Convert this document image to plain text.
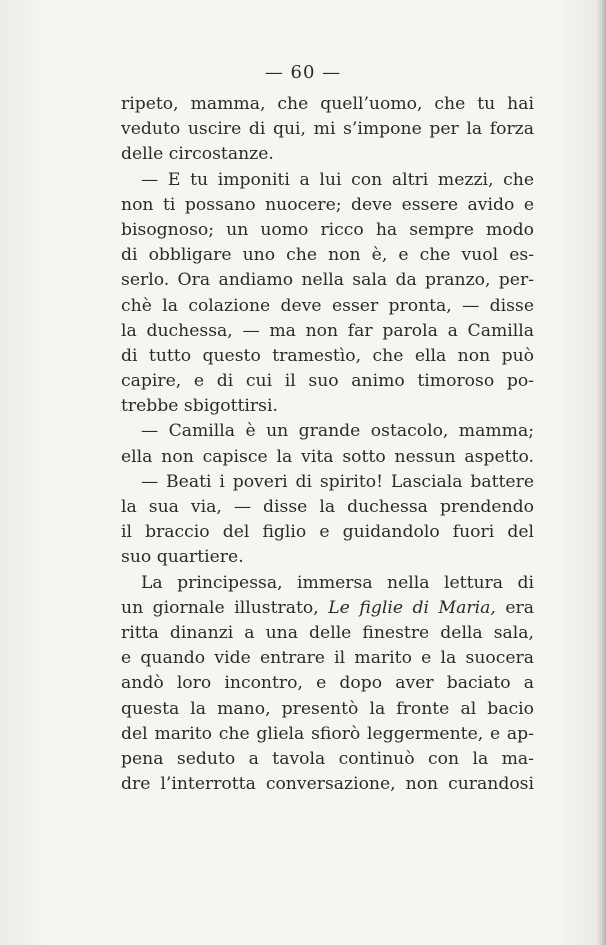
— 60 —
ripeto, mamma, che quell’uomo, che tu hai
veduto uscire di qui, mi s’impone per la forza
delle circostanze.
— E tu imponiti a lui con altri mezzi, che
non ti possano nuocere; deve essere avido e
bisognoso; un uomo ricco ha sempre modo
di obbligare uno che non è, e che vuol es-
serlo. Ora andiamo nella sala da pranzo, per-
chè la colazione deve esser pronta, — disse
la duchessa, — ma non far parola a Camilla
di tutto questo tramestìo, che ella non può
capire, e di cui il suo animo timoroso po-
trebbe sbigottirsi.
— Camilla è un grande ostacolo, mamma;
ella non capisce la vita sotto nessun aspetto.
— Beati i poveri di spirito! Lasciala battere
la sua via, — disse la duchessa prendendo
il braccio del figlio e guidandolo fuori del
suo quartiere.
La principessa, immersa nella lettura di
un giornale illustrato, Le figlie di Maria, era
ritta dinanzi a una delle finestre della sala,
e quando vide entrare il marito e la suocera
andò loro incontro, e dopo aver baciato a
questa la mano, presentò la fronte al bacio
del marito che gliela sfiorò leggermente, e ap-
pena seduto a tavola continuò con la ma-
dre l’interrotta conversazione, non curandosi
